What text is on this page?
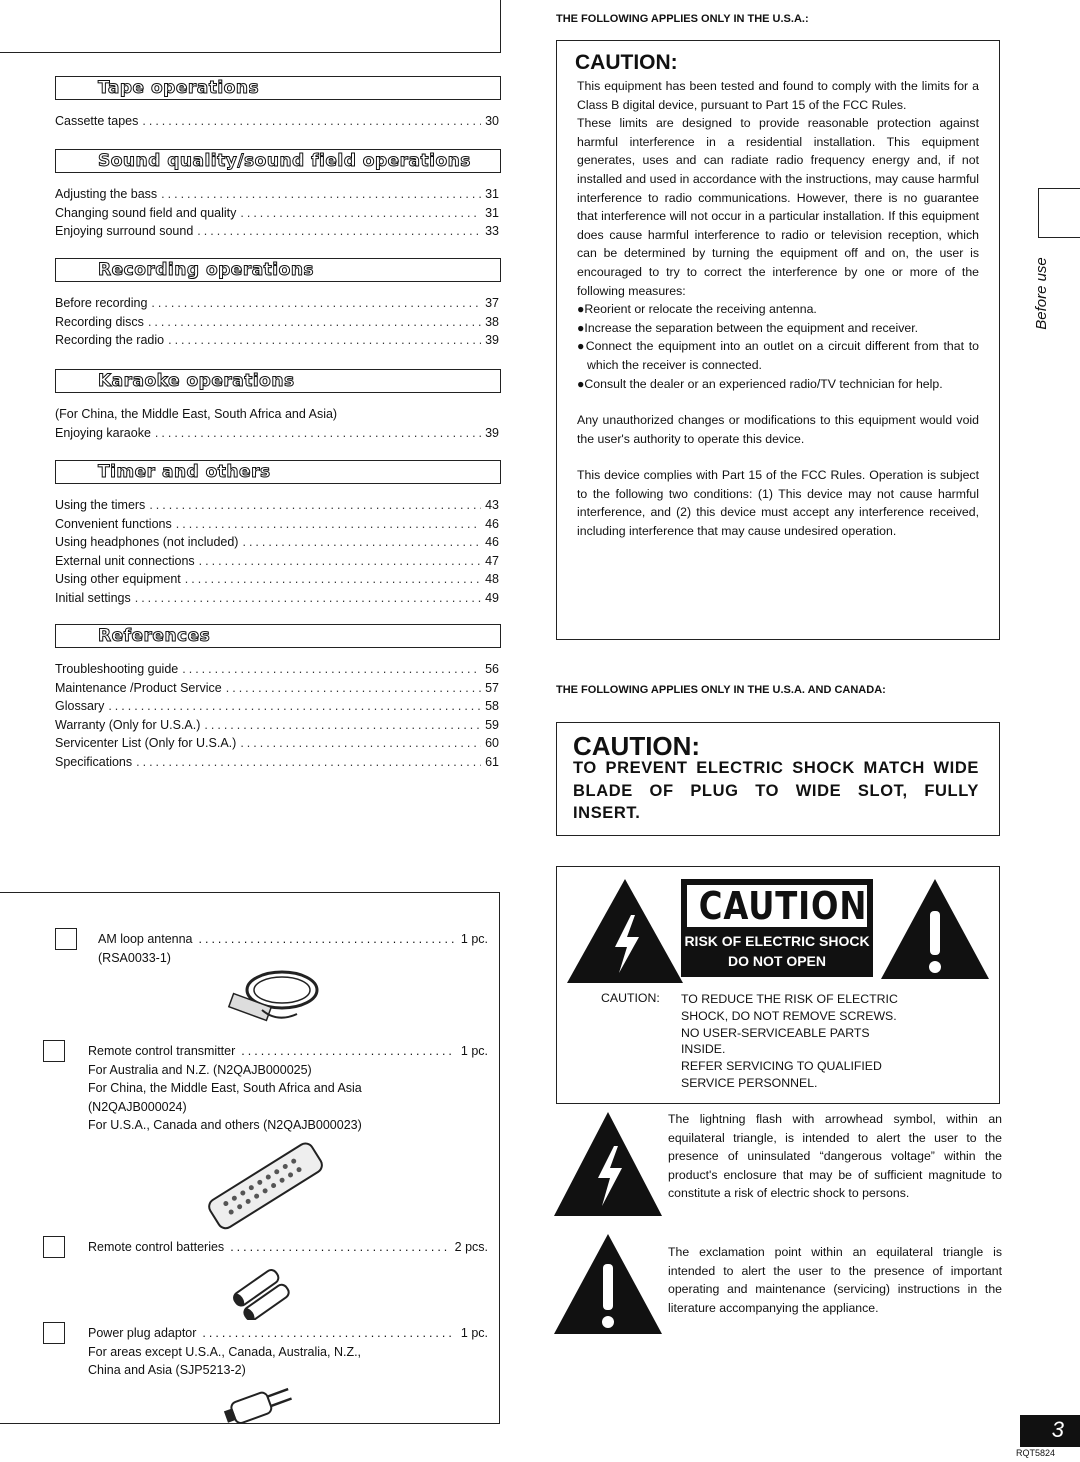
Tape operations
Cassette tapes .....	30
Sound quality/sound field operations
Adjusting the bass .....	31
Changing sound field and quality .....	31
Enjoying surround sound .....	33
Recording operations
Before recording .....	37
Recording discs .....	38
Recording the radio .....	39
Karaoke operations
(For China, the Middle East, South Africa and Asia)
Enjoying karaoke .....	39
Timer and others
Using the timers .....	43
Convenient functions .....	46
Using headphones (not included) .....	46
External unit connections .....	47
Using other equipment .....	48
Initial settings .....	49
References
Troubleshooting guide .....	56
Maintenance /Product Service .....	57
Glossary .....	58
Warranty (Only for U.S.A.) .....	59
Servicenter List (Only for U.S.A.) .....	60
Specifications .....	61
AM loop antenna .....	1 pc.
(RSA0033-1)
Remote control transmitter .....	1 pc.
For Australia and N.Z. (N2QAJB000025)
For China, the Middle East, South Africa and Asia
(N2QAJB000024)
For U.S.A., Canada and others (N2QAJB000023)
Remote control batteries .....	2 pcs.
Power plug adaptor .....	1 pc.
For areas except U.S.A., Canada, Australia, N.Z.,
China and Asia (SJP5213-2)
THE FOLLOWING APPLIES ONLY IN THE U.S.A.:
CAUTION:

This equipment has been tested and found to comply with the limits for a Class B digital device, pursuant to Part 15 of the FCC Rules.

These limits are designed to provide reasonable protection against harmful interference in a residential installation. This equipment generates, uses and can radiate radio frequency energy and, if not installed and used in accordance with the instructions, may cause harmful interference to radio communications. However, there is no guarantee that interference will not occur in a particular installation. If this equipment does cause harmful interference to radio or television reception, which can be determined by turning the equipment off and on, the user is encouraged to try to correct the interference by one or more of the following measures:

●Reorient or relocate the receiving antenna.

●Increase the separation between the equipment and receiver.

●Connect the equipment into an outlet on a circuit different from that to which the receiver is connected.

●Consult the dealer or an experienced radio/TV technician for help.

Any unauthorized changes or modifications to this equipment would void the user's authority to operate this device.

This device complies with Part 15 of the FCC Rules. Operation is subject to the following two conditions: (1) This device may not cause harmful interference, and (2) this device must accept any interference received, including interference that may cause undesired operation.

THE FOLLOWING APPLIES ONLY IN THE U.S.A. AND CANADA:
CAUTION:
TO PREVENT ELECTRIC SHOCK MATCH WIDE BLADE OF PLUG TO WIDE SLOT, FULLY INSERT.
CAUTION
RISK OF ELECTRIC SHOCK
DO NOT OPEN
CAUTION: TO REDUCE THE RISK OF ELECTRIC
SHOCK, DO NOT REMOVE SCREWS.
NO USER-SERVICEABLE PARTS
INSIDE.
REFER SERVICING TO QUALIFIED
SERVICE PERSONNEL.
The lightning flash with arrowhead symbol, within an equilateral triangle, is intended to alert the user to the presence of uninsulated “dangerous voltage” within the product's enclosure that may be of sufficient magnitude to constitute a risk of electric shock to persons.
The exclamation point within an equilateral triangle is intended to alert the user to the presence of important operating and maintenance (servicing) instructions in the literature accompanying the appliance.
Before use
3
RQT5824
